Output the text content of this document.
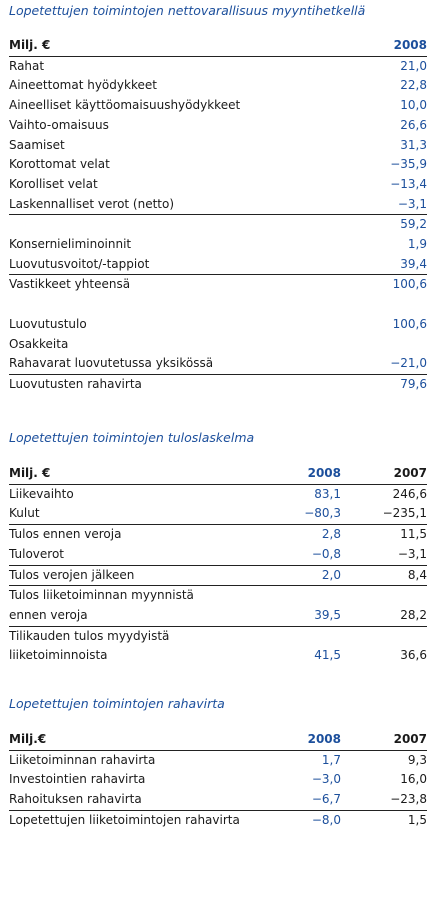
Lopetettujen toimintojen nettovarallisuus myyntihetkellä
Milj. €	2008
Rahat	21,0
Aineettomat hyödykkeet	22,8
Aineelliset käyttöomaisuushyödykkeet	10,0
Vaihto-omaisuus	26,6
Saamiset	31,3
Korottomat velat	−35,9
Korolliset velat	−13,4
Laskennalliset verot (netto)	−3,1
	59,2
Konsernieliminoinnit	1,9
Luovutusvoitot/-tappiot	39,4
Vastikkeet yhteensä	100,6

Luovutustulo	100,6
Osakkeita	
Rahavarat luovutetussa yksikössä	−21,0
Luovutusten rahavirta	79,6
Lopetettujen toimintojen tuloslaskelma
Milj. €	2008	2007
Liikevaihto	83,1	246,6
Kulut	−80,3	−235,1
Tulos ennen veroja	2,8	11,5
Tuloverot	−0,8	−3,1
Tulos verojen jälkeen	2,0	8,4

Tulos liiketoiminnan myynnistä
ennen veroja	39,5	28,2

Tilikauden tulos myydyistä
liiketoiminnoista	41,5	36,6
Lopetettujen toimintojen rahavirta
Milj.€	2008	2007
Liiketoiminnan rahavirta	1,7	9,3
Investointien rahavirta	−3,0	16,0
Rahoituksen rahavirta	−6,7	−23,8
Lopetettujen liiketoimintojen rahavirta	−8,0	1,5
